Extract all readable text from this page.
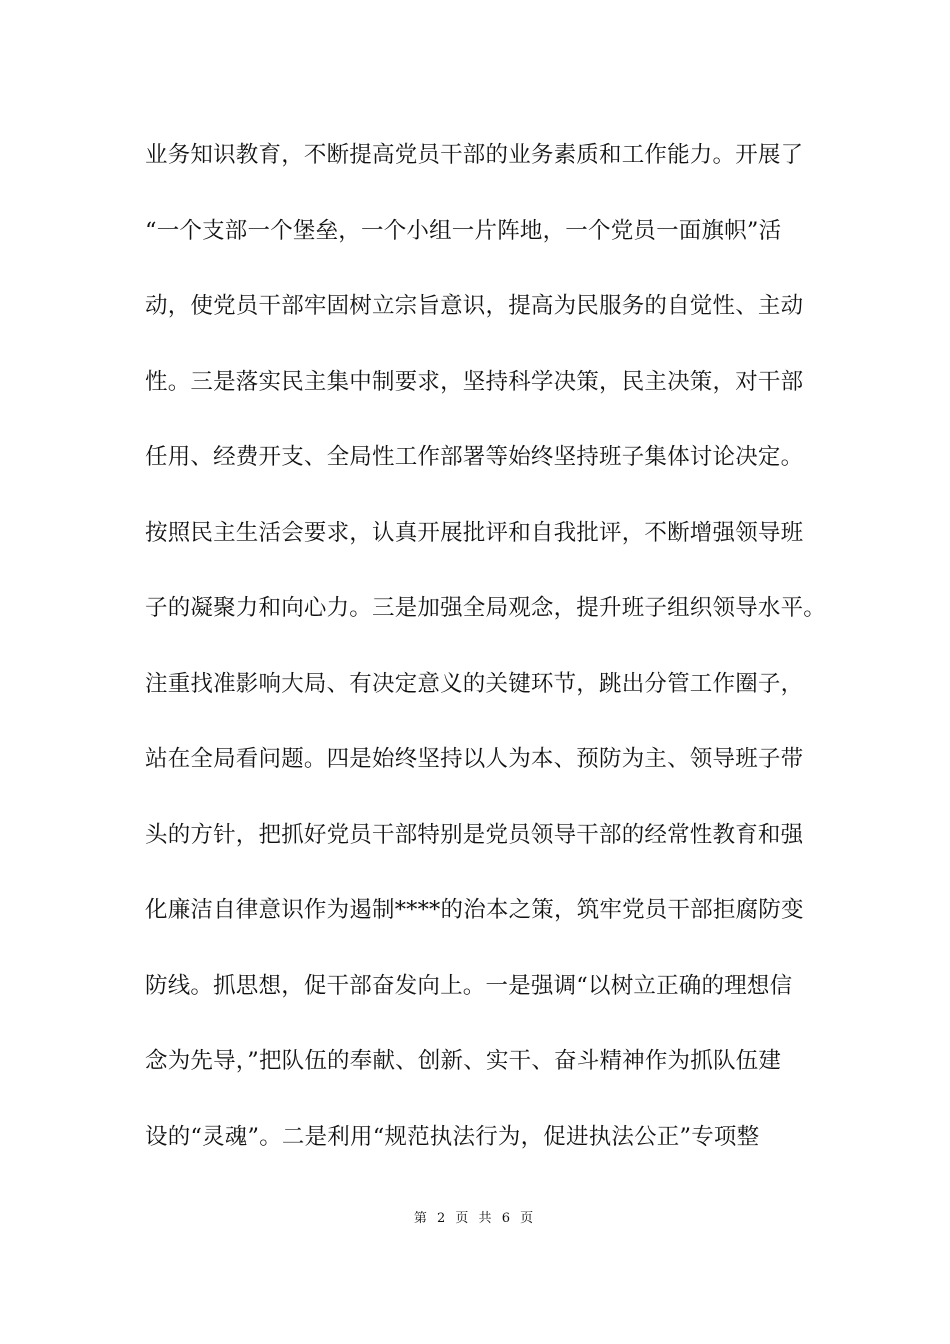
业务知识教育，不断提高党员干部的业务素质和工作能力。开展了
“一个支部一个堡垒，一个小组一片阵地，一个党员一面旗帜”活
动，使党员干部牢固树立宗旨意识，提高为民服务的自觉性、主动
性。三是落实民主集中制要求，坚持科学决策，民主决策，对干部
任用、经费开支、全局性工作部署等始终坚持班子集体讨论决定。
按照民主生活会要求，认真开展批评和自我批评，不断增强领导班
子的凝聚力和向心力。三是加强全局观念，提升班子组织领导水平。
注重找准影响大局、有决定意义的关键环节，跳出分管工作圈子，
站在全局看问题。四是始终坚持以人为本、预防为主、领导班子带
头的方针，把抓好党员干部特别是党员领导干部的经常性教育和强
化廉洁自律意识作为遏制****的治本之策，筑牢党员干部拒腐防变
防线。抓思想，促干部奋发向上。一是强调“以树立正确的理想信
念为先导，”把队伍的奉献、创新、实干、奋斗精神作为抓队伍建
设的“灵魂”。二是利用“规范执法行为，促进执法公正”专项整
第 2 页 共 6 页
